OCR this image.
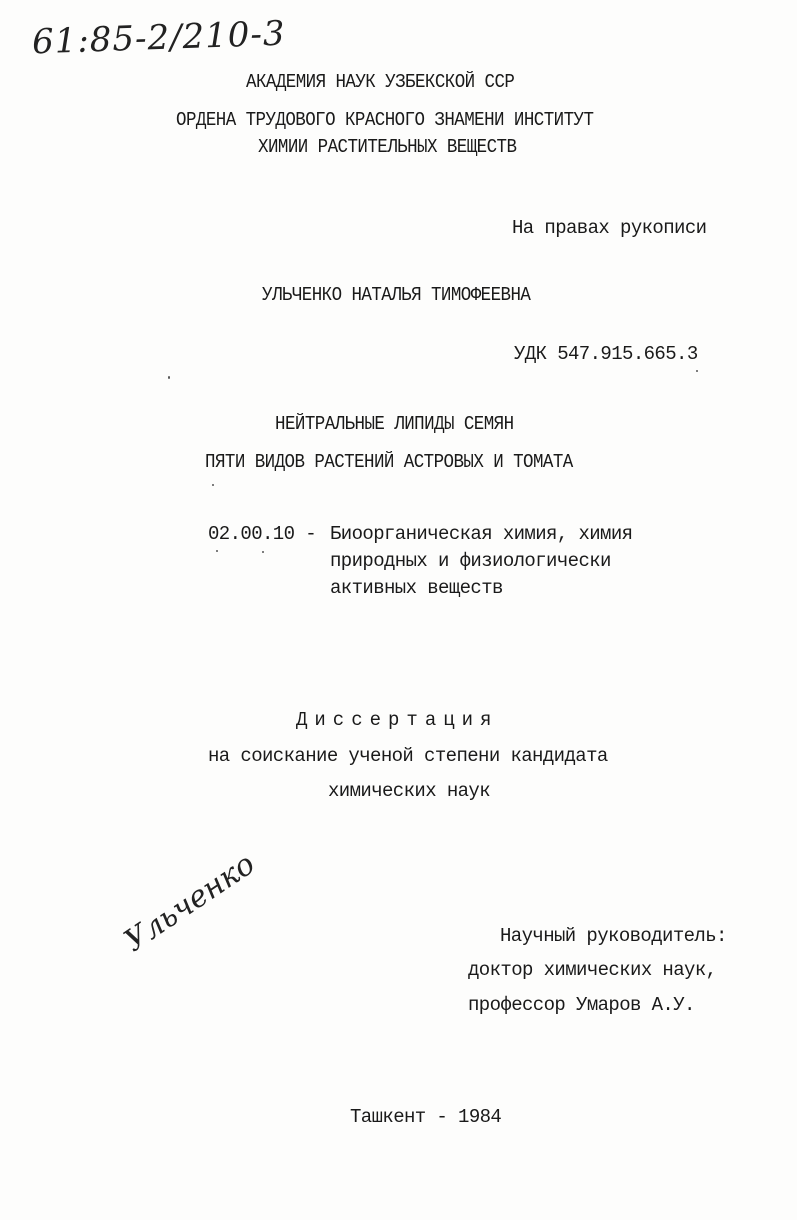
61:85-2/210-3
АКАДЕМИЯ НАУК УЗБЕКСКОЙ ССР
ОРДЕНА ТРУДОВОГО КРАСНОГО ЗНАМЕНИ ИНСТИТУТ
ХИМИИ РАСТИТЕЛЬНЫХ ВЕЩЕСТВ
На правах рукописи
УЛЬЧЕНКО НАТАЛЬЯ ТИМОФЕЕВНА
УДК 547.915.665.3
НЕЙТРАЛЬНЫЕ ЛИПИДЫ СЕМЯН
ПЯТИ ВИДОВ РАСТЕНИЙ АСТРОВЫХ И ТОМАТА
02.00.10 - Биоорганическая химия, химия
природных и физиологически
активных веществ
Диссертация
на соискание ученой степени кандидата
химических наук
Ульченко	Научный руководитель:
доктор химических наук,
профессор Умаров А.У.
Ташкент - 1984
